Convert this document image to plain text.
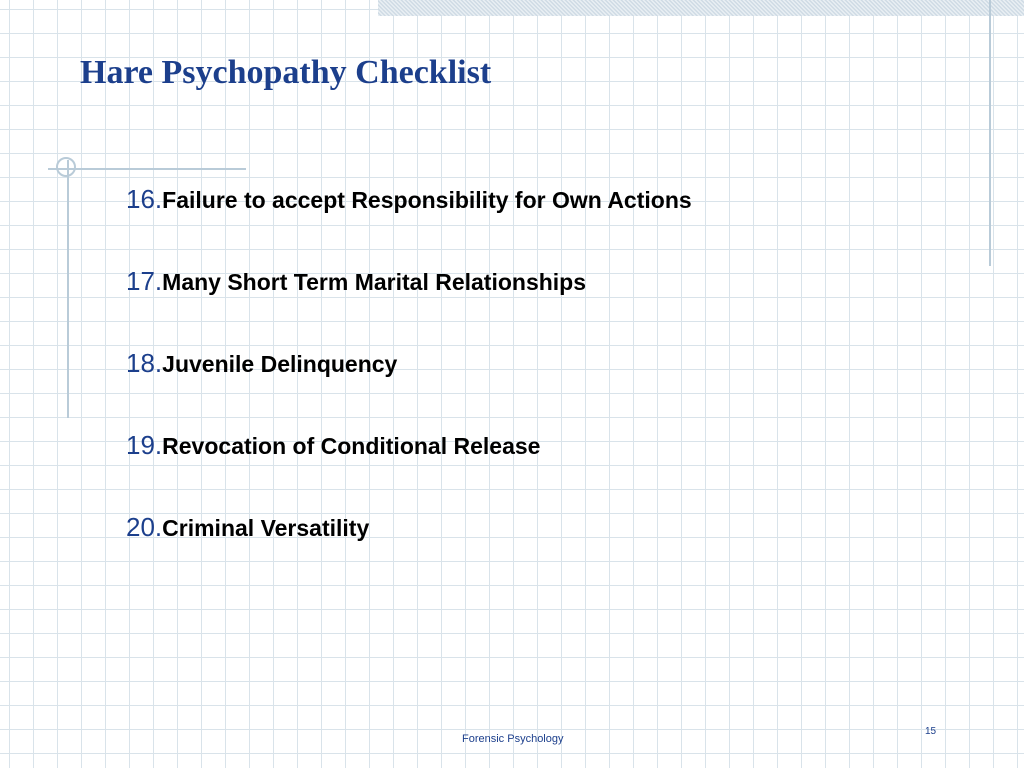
Hare Psychopathy Checklist
16.Failure to accept Responsibility for Own Actions
17.Many Short Term Marital Relationships
18.Juvenile Delinquency
19.Revocation of Conditional Release
20.Criminal Versatility
Forensic Psychology
15
